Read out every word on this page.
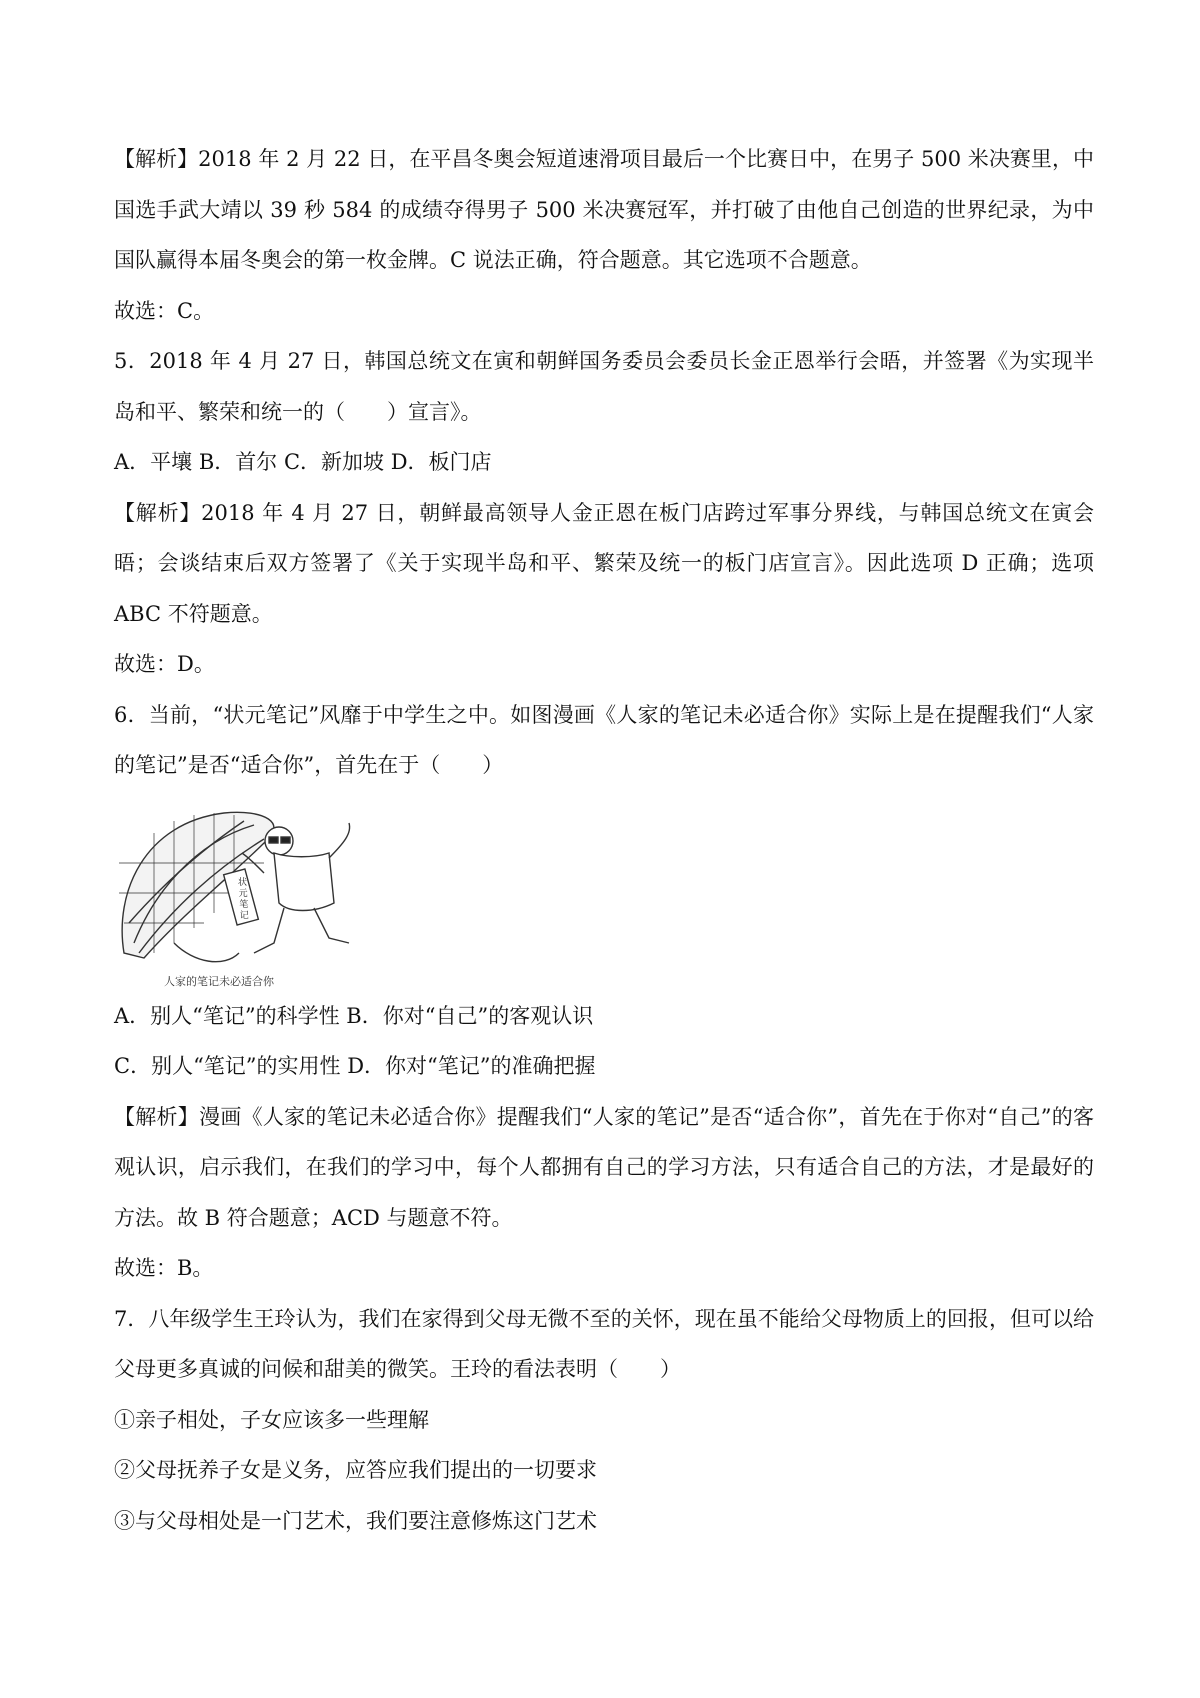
【解析】2018 年 2 月 22 日，在平昌冬奥会短道速滑项目最后一个比赛日中，在男子 500 米决赛里，中国选手武大靖以 39 秒 584 的成绩夺得男子 500 米决赛冠军，并打破了由他自己创造的世界纪录，为中国队赢得本届冬奥会的第一枚金牌。C 说法正确，符合题意。其它选项不合题意。
故选：C。
5．2018 年 4 月 27 日，韩国总统文在寅和朝鲜国务委员会委员长金正恩举行会晤，并签署《为实现半岛和平、繁荣和统一的（　　）宣言》。
A．平壤 B．首尔 C．新加坡 D．板门店
【解析】2018 年 4 月 27 日，朝鲜最高领导人金正恩在板门店跨过军事分界线，与韩国总统文在寅会晤；会谈结束后双方签署了《关于实现半岛和平、繁荣及统一的板门店宣言》。因此选项 D 正确；选项 ABC 不符题意。
故选：D。
6．当前，“状元笔记”风靡于中学生之中。如图漫画《人家的笔记未必适合你》实际上是在提醒我们“人家的笔记”是否“适合你”，首先在于（　　）
状
元
笔
记
人家的笔记未必适合你
A．别人“笔记”的科学性 B．你对“自己”的客观认识
C．别人“笔记”的实用性 D．你对“笔记”的准确把握
【解析】漫画《人家的笔记未必适合你》提醒我们“人家的笔记”是否“适合你”，首先在于你对“自己”的客观认识，启示我们，在我们的学习中，每个人都拥有自己的学习方法，只有适合自己的方法，才是最好的方法。故 B 符合题意；ACD 与题意不符。
故选：B。
7．八年级学生王玲认为，我们在家得到父母无微不至的关怀，现在虽不能给父母物质上的回报，但可以给父母更多真诚的问候和甜美的微笑。王玲的看法表明（　　）
①亲子相处，子女应该多一些理解
②父母抚养子女是义务，应答应我们提出的一切要求
③与父母相处是一门艺术，我们要注意修炼这门艺术
